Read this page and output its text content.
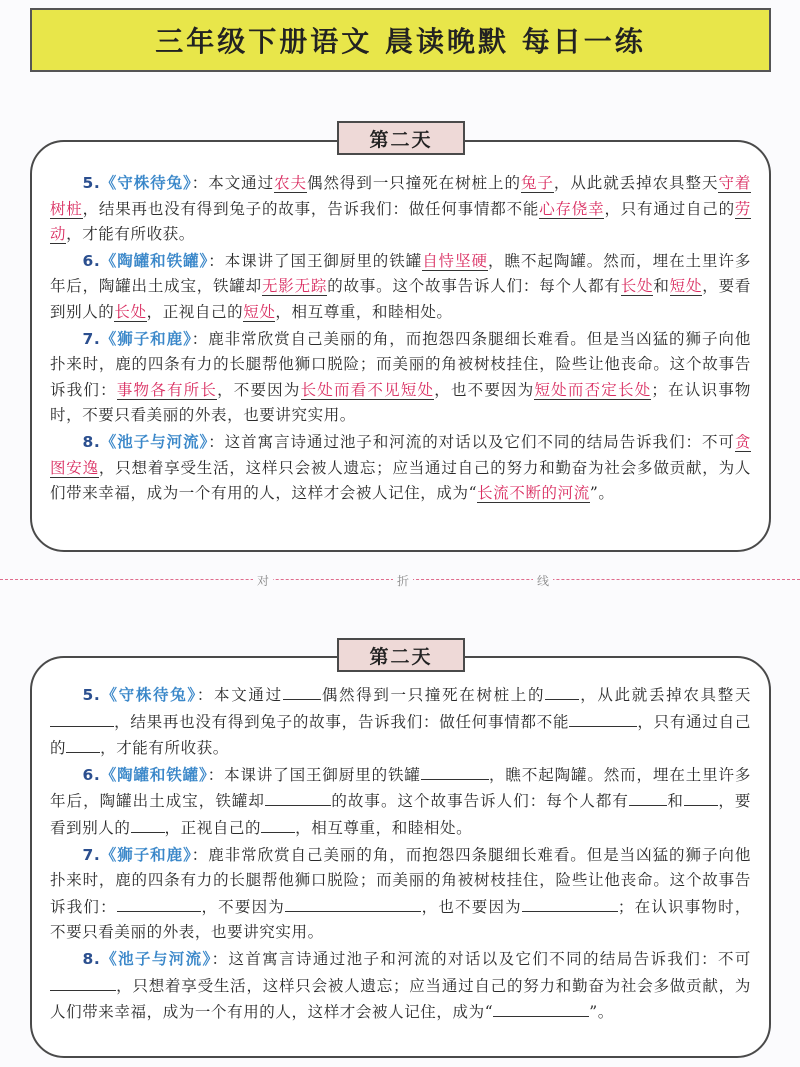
三年级下册语文 晨读晚默 每日一练

5.《守株待兔》：本文通过农夫偶然得到一只撞死在树桩上的兔子，从此就丢掉农具整天守着树桩，结果再也没有得到兔子的故事，告诉我们：做任何事情都不能心存侥幸，只有通过自己的劳动，才能有所收获。

6.《陶罐和铁罐》：本课讲了国王御厨里的铁罐自恃坚硬，瞧不起陶罐。然而，埋在土里许多年后，陶罐出土成宝，铁罐却无影无踪的故事。这个故事告诉人们：每个人都有长处和短处，要看到别人的长处，正视自己的短处，相互尊重，和睦相处。

7.《狮子和鹿》：鹿非常欣赏自己美丽的角，而抱怨四条腿细长难看。但是当凶猛的狮子向他扑来时，鹿的四条有力的长腿帮他狮口脱险；而美丽的角被树枝挂住，险些让他丧命。这个故事告诉我们：事物各有所长，不要因为长处而看不见短处，也不要因为短处而否定长处；在认识事物时，不要只看美丽的外表，也要讲究实用。

8.《池子与河流》：这首寓言诗通过池子和河流的对话以及它们不同的结局告诉我们：不可贪图安逸，只想着享受生活，这样只会被人遗忘；应当通过自己的努力和勤奋为社会多做贡献，为人们带来幸福，成为一个有用的人，这样才会被人记住，成为“长流不断的河流”。

第二天
对	折	线

5.《守株待兔》：本文通过 偶然得到一只撞死在树桩上的 ，从此就丢掉农具整天，结果再也没有得到兔子的故事，告诉我们：做任何事情都不能	，只有通过自己的 ，才能有所收获。

6.《陶罐和铁罐》：本课讲了国王御厨里的铁罐	，瞧不起陶罐。然而，埋在土里许多年后，陶罐出土成宝，铁罐却	的故事。这个故事告诉人们：每个人都有 和 ，要看到别人的 ，正视自己的 ，相互尊重，和睦相处。

7.《狮子和鹿》：鹿非常欣赏自己美丽的角，而抱怨四条腿细长难看。但是当凶猛的狮子向他扑来时，鹿的四条有力的长腿帮他狮口脱险；而美丽的角被树枝挂住，险些让他丧命。这个故事告诉我们：	，不要因为	，也不要因为	；在认识事物时，不要只看美丽的外表，也要讲究实用。

8.《池子与河流》：这首寓言诗通过池子和河流的对话以及它们不同的结局告诉我们：不可，只想着享受生活，这样只会被人遗忘；应当通过自己的努力和勤奋为社会多做贡献，为人们带来幸福，成为一个有用的人，这样才会被人记住，成为“	”。

第二天
